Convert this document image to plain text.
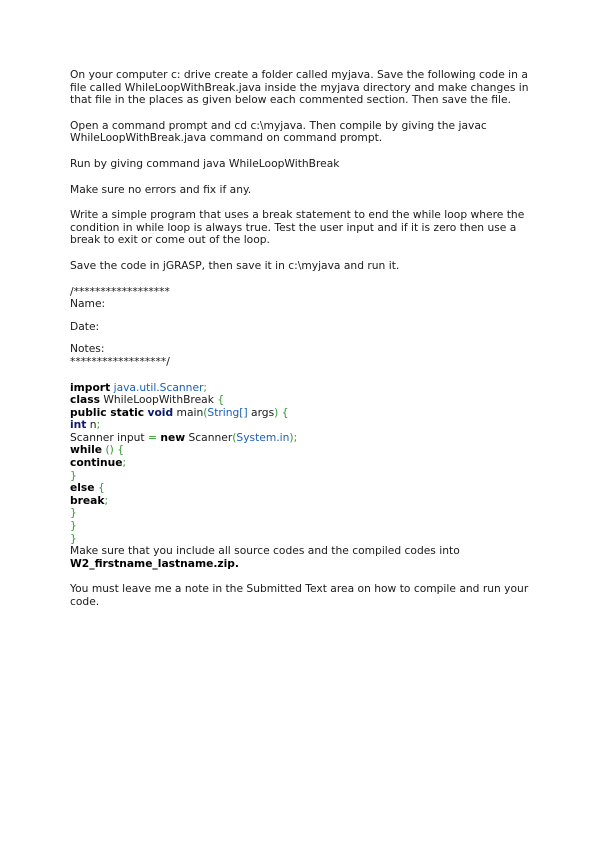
On your computer c: drive create a folder called myjava. Save the following code in a file called WhileLoopWithBreak.java inside the myjava directory and make changes in that file in the places as given below each commented section. Then save the file.

Open a command prompt and cd c:\myjava. Then compile by giving the javac WhileLoopWithBreak.java command on command prompt.

Run by giving command java WhileLoopWithBreak

Make sure no errors and fix if any.

Write a simple program that uses a break statement to end the while loop where the condition in while loop is always true. Test the user input and if it is zero then use a break to exit or come out of the loop.

Save the code in jGRASP, then save it in c:\myjava and run it.

/******************

Name:

Date:

Notes:

******************/

import java.util.Scanner;

class WhileLoopWithBreak {

public static void main(String[] args) {

int n;

Scanner input = new Scanner(System.in);

while () {

continue;

}

else {

break;

}

}

}

Make sure that you include all source codes and the compiled codes into
W2_firstname_lastname.zip.

You must leave me a note in the Submitted Text area on how to compile and run your code.
